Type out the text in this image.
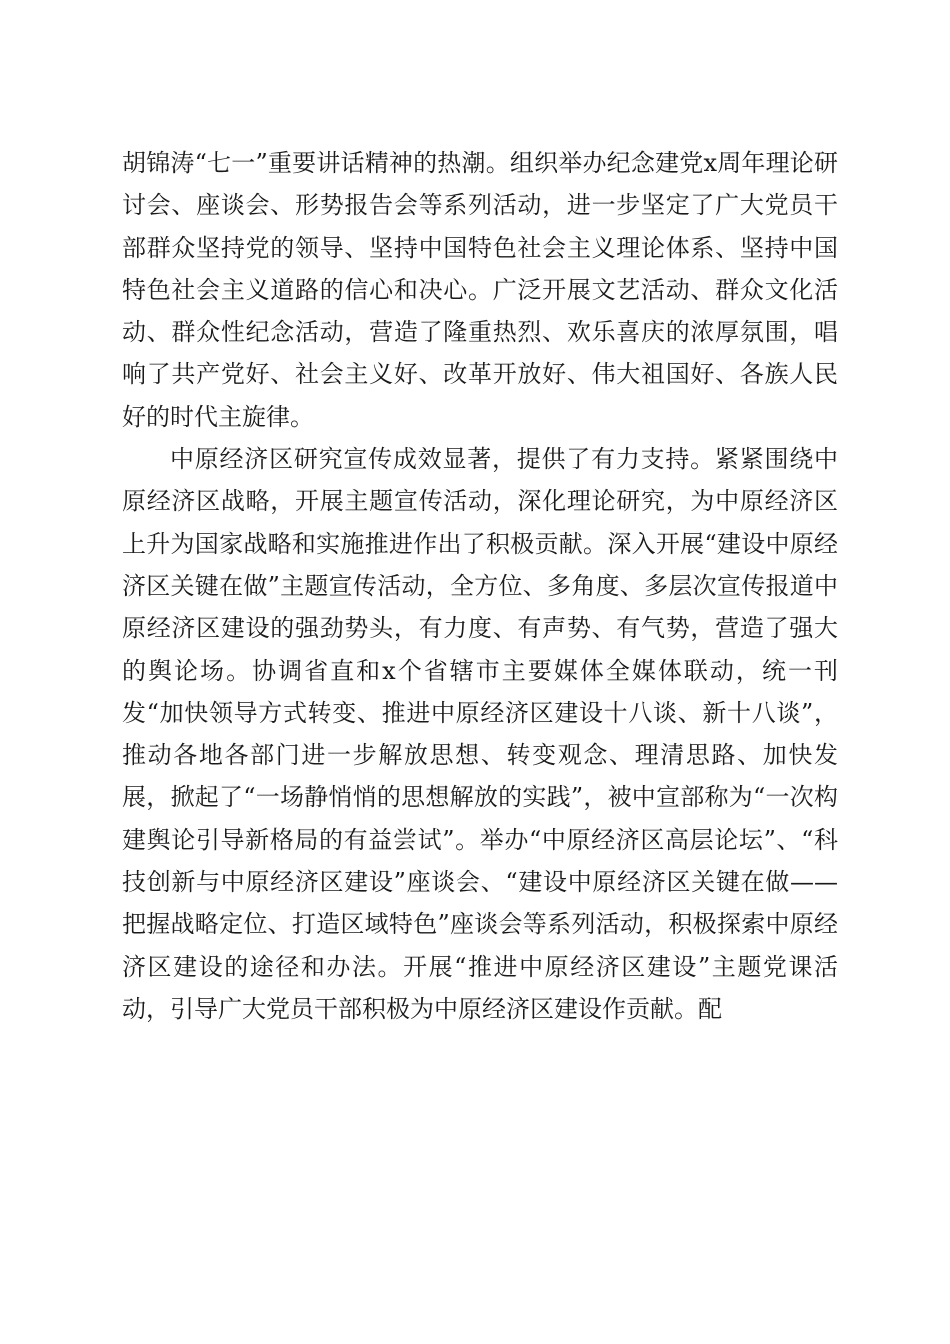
胡锦涛“七一”重要讲话精神的热潮。组织举办纪念建党x周年理论研讨会、座谈会、形势报告会等系列活动，进一步坚定了广大党员干部群众坚持党的领导、坚持中国特色社会主义理论体系、坚持中国特色社会主义道路的信心和决心。广泛开展文艺活动、群众文化活动、群众性纪念活动，营造了隆重热烈、欢乐喜庆的浓厚氛围，唱响了共产党好、社会主义好、改革开放好、伟大祖国好、各族人民好的时代主旋律。

中原经济区研究宣传成效显著，提供了有力支持。紧紧围绕中原经济区战略，开展主题宣传活动，深化理论研究，为中原经济区上升为国家战略和实施推进作出了积极贡献。深入开展“建设中原经济区关键在做”主题宣传活动，全方位、多角度、多层次宣传报道中原经济区建设的强劲势头，有力度、有声势、有气势，营造了强大的舆论场。协调省直和x个省辖市主要媒体全媒体联动，统一刊发“加快领导方式转变、推进中原经济区建设十八谈、新十八谈”，推动各地各部门进一步解放思想、转变观念、理清思路、加快发展，掀起了“一场静悄悄的思想解放的实践”，被中宣部称为“一次构建舆论引导新格局的有益尝试”。举办“中原经济区高层论坛”、“科技创新与中原经济区建设”座谈会、“建设中原经济区关键在做——把握战略定位、打造区域特色”座谈会等系列活动，积极探索中原经济区建设的途径和办法。开展“推进中原经济区建设”主题党课活动，引导广大党员干部积极为中原经济区建设作贡献。配
